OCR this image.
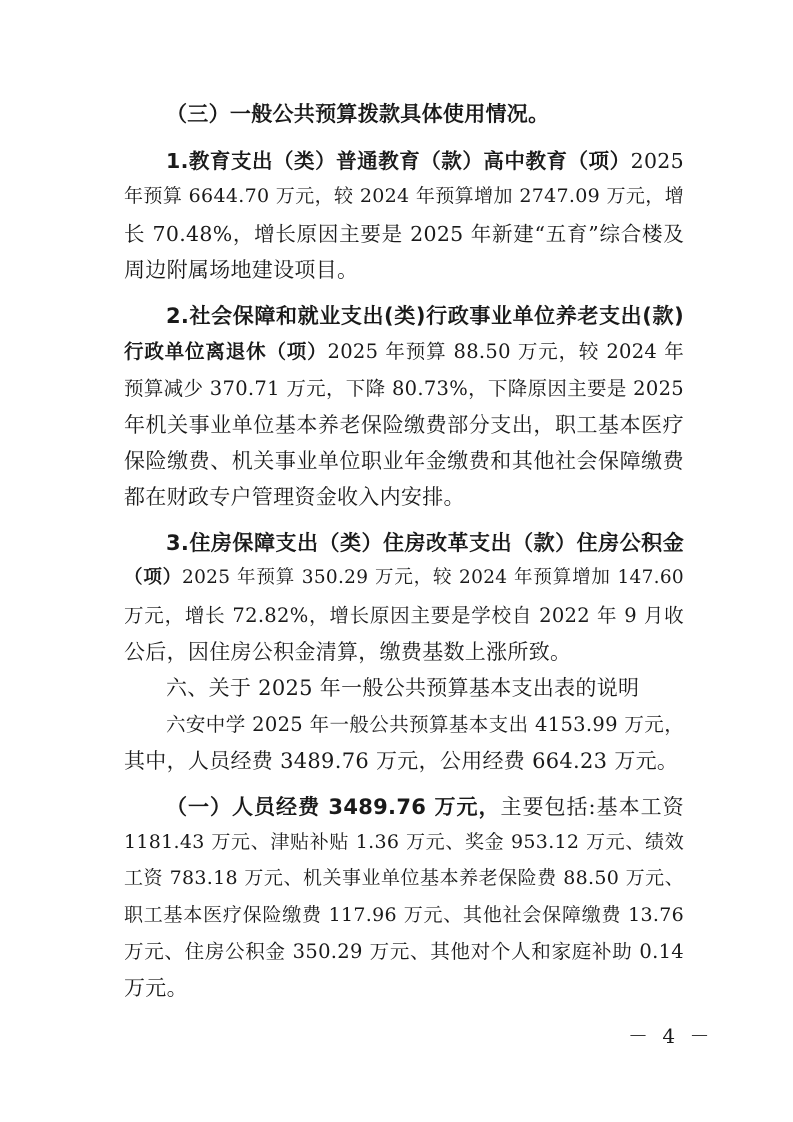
（三）一般公共预算拨款具体使用情况。
1.教育支出（类）普通教育（款）高中教育（项）2025
年预算 6644.70 万元，较 2024 年预算增加 2747.09 万元，增
长 70.48%，增长原因主要是 2025 年新建“五育”综合楼及
周边附属场地建设项目。
2.社会保障和就业支出(类)行政事业单位养老支出(款)
行政单位离退休（项）2025 年预算 88.50 万元，较 2024 年
预算减少 370.71 万元，下降 80.73%，下降原因主要是 2025
年机关事业单位基本养老保险缴费部分支出，职工基本医疗
保险缴费、机关事业单位职业年金缴费和其他社会保障缴费
都在财政专户管理资金收入内安排。
3.住房保障支出（类）住房改革支出（款）住房公积金
（项）2025 年预算 350.29 万元，较 2024 年预算增加 147.60
万元，增长 72.82%，增长原因主要是学校自 2022 年 9 月收
公后，因住房公积金清算，缴费基数上涨所致。
六、关于 2025 年一般公共预算基本支出表的说明
六安中学 2025 年一般公共预算基本支出 4153.99 万元，
其中，人员经费 3489.76 万元，公用经费 664.23 万元。
（一）人员经费 3489.76 万元，主要包括:基本工资
1181.43 万元、津贴补贴 1.36 万元、奖金 953.12 万元、绩效
工资 783.18 万元、机关事业单位基本养老保险费 88.50 万元、
职工基本医疗保险缴费 117.96 万元、其他社会保障缴费 13.76
万元、住房公积金 350.29 万元、其他对个人和家庭补助 0.14
万元。
－ 4 －
